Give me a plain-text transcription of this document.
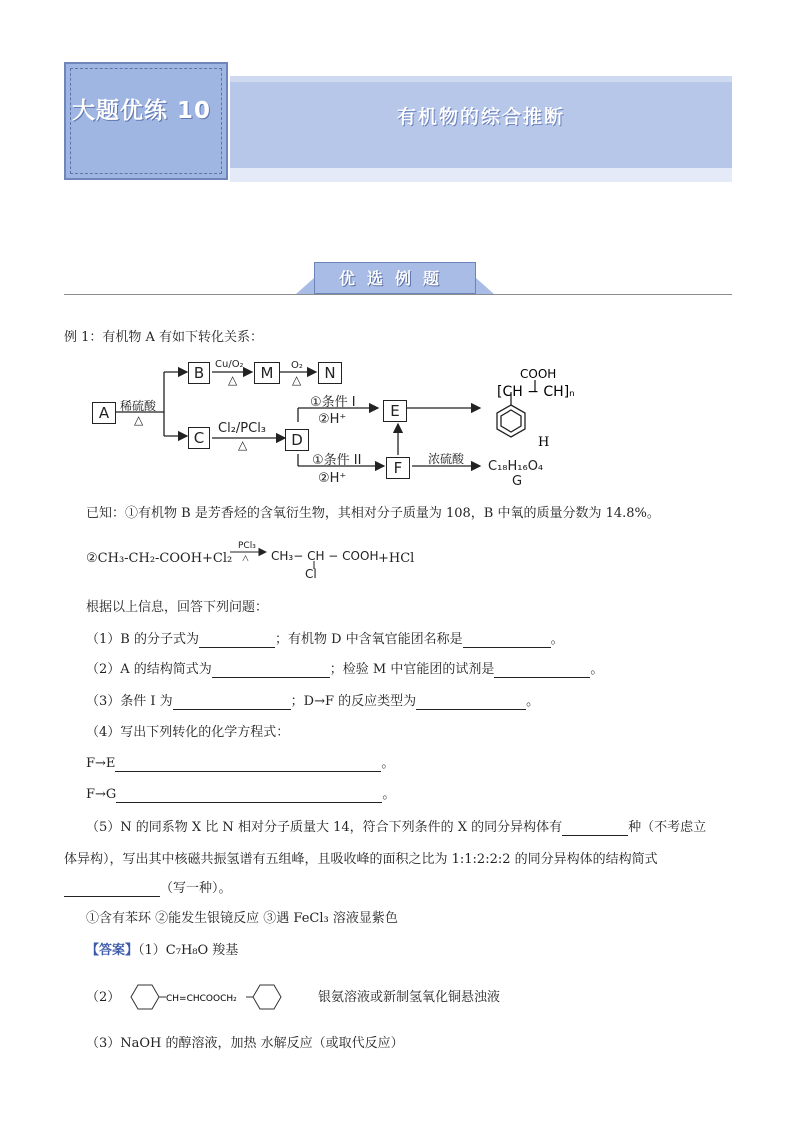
大题优练 10	有机物的综合推断
优选例题
例 1：有机物 A 有如下转化关系：
[CH − CH]ₙ
COOH
H
A
B	M	N
C	D
E
F
稀硫酸
△
Cu/O₂
△
O₂
△
Cl₂/PCl₃
△
①条件 I
②H⁺
①条件 II
②H⁺
浓硫酸 C₁₈H₁₆O₄
G
已知：①有机物 B 是芳香烃的含氧衍生物，其相对分子质量为 108，B 中氧的质量分数为 14.8%。
②CH₃-CH₂-COOH+Cl₂
PCl₃
△ CH₃− CH − COOH +HCl
Cl
根据以上信息，回答下列问题：
（1）B 的分子式为	；有机物 D 中含氧官能团名称是	。
（2）A 的结构简式为	；检验 M 中官能团的试剂是	。
（3）条件 I 为	；D→F 的反应类型为	。
（4）写出下列转化的化学方程式：
F→E	。
F→G	。
（5）N 的同系物 X 比 N 相对分子质量大 14，符合下列条件的 X 的同分异构体有	种（不考虑立
体异构），写出其中核磁共振氢谱有五组峰，且吸收峰的面积之比为 1:1:2:2:2 的同分异构体的结构简式
（写一种）。
①含有苯环 ②能发生银镜反应 ③遇 FeCl₃ 溶液显紫色
【答案】（1）C₇H₈O 羧基
（2）	CH=CHCOOCH₂	银氨溶液或新制氢氧化铜悬浊液
（3）NaOH 的醇溶液，加热 水解反应（或取代反应）
